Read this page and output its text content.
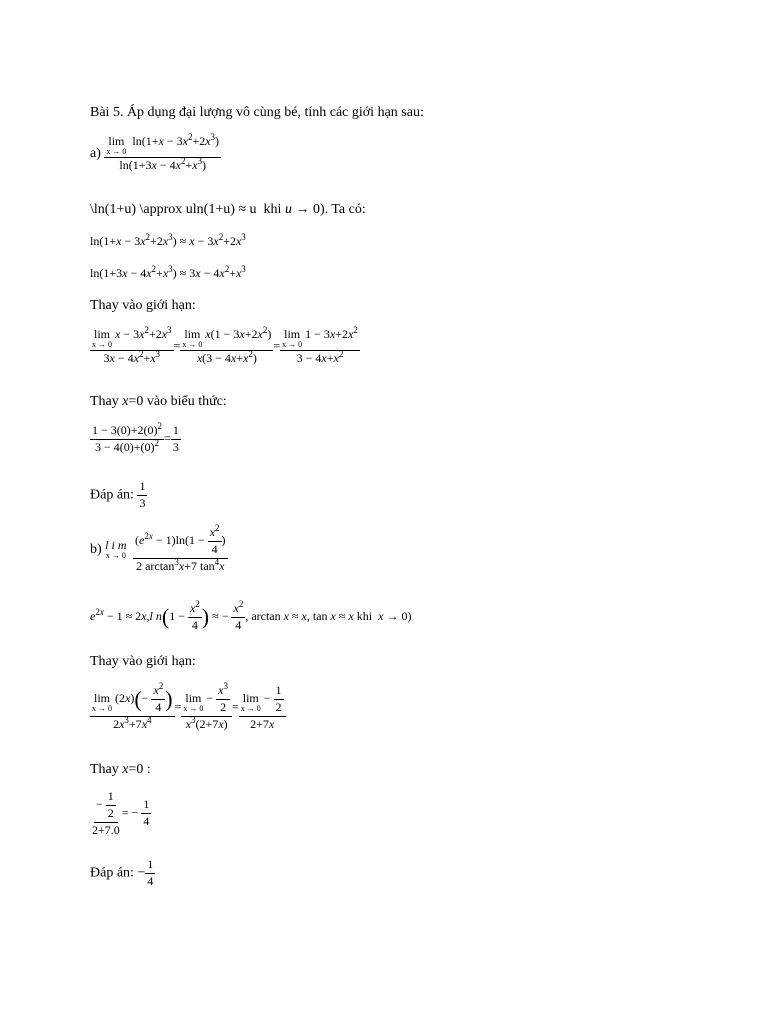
Bài 5. Áp dụng đại lượng vô cùng bé, tính các giới hạn sau:
a) lim
x → 0
$\ln(1+x - 3x^2+2x^3)$
$\ln(1+3x - 4x^2+x^3)$
\ln(1+u) \approx uln(1+u) ≈ u  khi u → 0). Ta có:
$\ln(1+x - 3x^2+2x^3) \approx x - 3x^2+2x^3$
$\ln(1+3x - 4x^2+x^3) \approx 3x - 4x^2+x^3$
Thay vào giới hạn:
lim
x → 0
$x - 3x^2+2x^3$
$3x - 4x^2+x^3 = \lim$
x → 0
$x(1 - 3x+2x^2)$
$x(3 - 4x+x^2) = \lim$
x → 0
$1 - 3x+2x^2$
$3 - 4x+x^2$
Thay x=0 vào biểu thức:
$\frac{1 - 3(0)+2(0)^2}{3 - 4(0)+(0)^2} = \frac{1}{3}$
Đáp án: $\frac{1}{3}$
b) l i m
x → 0
$\frac{(e^{2x} - 1)\ln(1 - \frac{x^2}{4} )}{2 \arctan^3x+7 \tan^4x}$
$e^{2x} - 1 \approx 2x,l$ $n(1 - \frac{x^2}{4}$ ) ≈ − $\frac{x^2}{4}$ , arctan x ≈ x, tan x ≈ x khi  x → 0)
Thay vào giới hạn:
lim
x → 0
$(2x)(- \frac{x^2}{4}$ )
$2x^3+7x^4 = \lim$
x → 0
− $\frac{x^3}{2}$
$x^3(2+7x) = \lim$
x → 0
− $\frac{1}{2}$
2+7x
Thay x=0 :
$\frac{- \frac{1}{2}}{2+7.0}$ = − $\frac{1}{4}$
Đáp án: − $\frac{1}{4}$
